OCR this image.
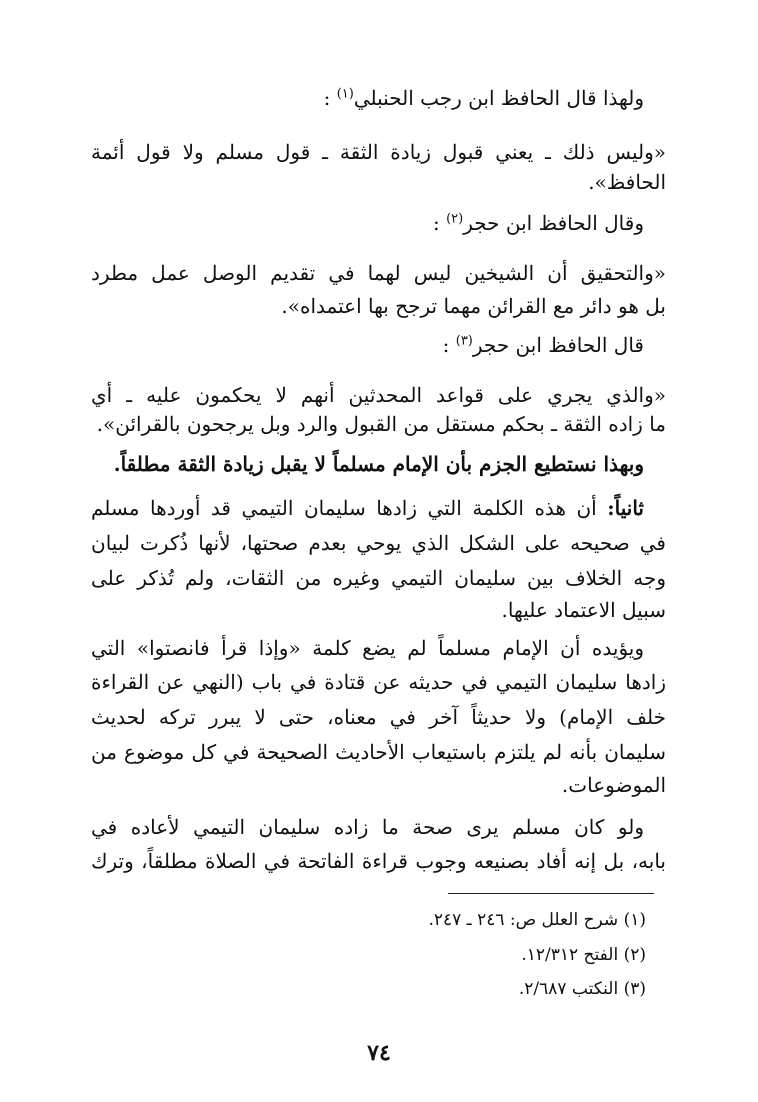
ولهذا قال الحافظ ابن رجب الحنبلي$^{(١)}$ :
«وليس ذلك ـ يعني قبول زيادة الثقة ـ قول مسلم ولا قول أئمة
الحافظ».
وقال الحافظ ابن حجر$^{(٢)}$ :
«والتحقيق أن الشيخين ليس لهما في تقديم الوصل عمل مطرد
بل هو دائر مع القرائن مهما ترجح بها اعتمداه».
قال الحافظ ابن حجر$^{(٣)}$ :
«والذي يجري على قواعد المحدثين أنهم لا يحكمون عليه ـ أي
ما زاده الثقة ـ بحكم مستقل من القبول والرد وبل يرجحون بالقرائن».
وبهذا نستطيع الجزم بأن الإمام مسلماً لا يقبل زيادة الثقة مطلقاً.
ثانياً: أن هذه الكلمة التي زادها سليمان التيمي قد أوردها مسلم
في صحيحه على الشكل الذي يوحي بعدم صحتها، لأنها ذُكرت لبيان
وجه الخلاف بين سليمان التيمي وغيره من الثقات، ولم تُذكر على
سبيل الاعتماد عليها.
ويؤيده أن الإمام مسلماً لم يضع كلمة «وإذا قرأ فانصتوا» التي
زادها سليمان التيمي في حديثه عن قتادة في باب (النهي عن القراءة
خلف الإمام) ولا حديثاً آخر في معناه، حتى لا يبرر تركه لحديث
سليمان بأنه لم يلتزم باستيعاب الأحاديث الصحيحة في كل موضوع من
الموضوعات.
ولو كان مسلم يرى صحة ما زاده سليمان التيمي لأعاده في
بابه، بل إنه أفاد بصنيعه وجوب قراءة الفاتحة في الصلاة مطلقاً، وترك
(١) شرح العلل ص: ٢٤٦ ـ ٢٤٧.
(٢) الفتح ١٢/٣١٢.
(٣) النكتب ٢/٦٨٧.
٧٤
